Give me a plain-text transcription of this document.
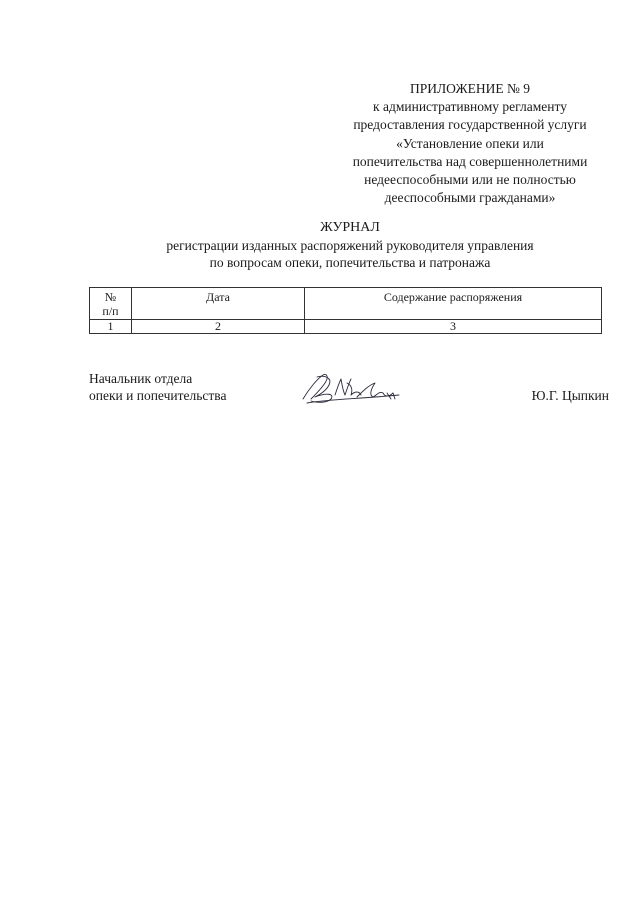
ПРИЛОЖЕНИЕ № 9
к административному регламенту
предоставления государственной услуги
«Установление опеки или
попечительства над совершеннолетними
недееспособными или не полностью
дееспособными гражданами»
ЖУРНАЛ
регистрации изданных распоряжений руководителя управления
по вопросам опеки, попечительства и патронажа
№
п/п	Дата	Содержание распоряжения
1	2	3
Начальник отдела
опеки и попечительства	Ю.Г. Цыпкин
